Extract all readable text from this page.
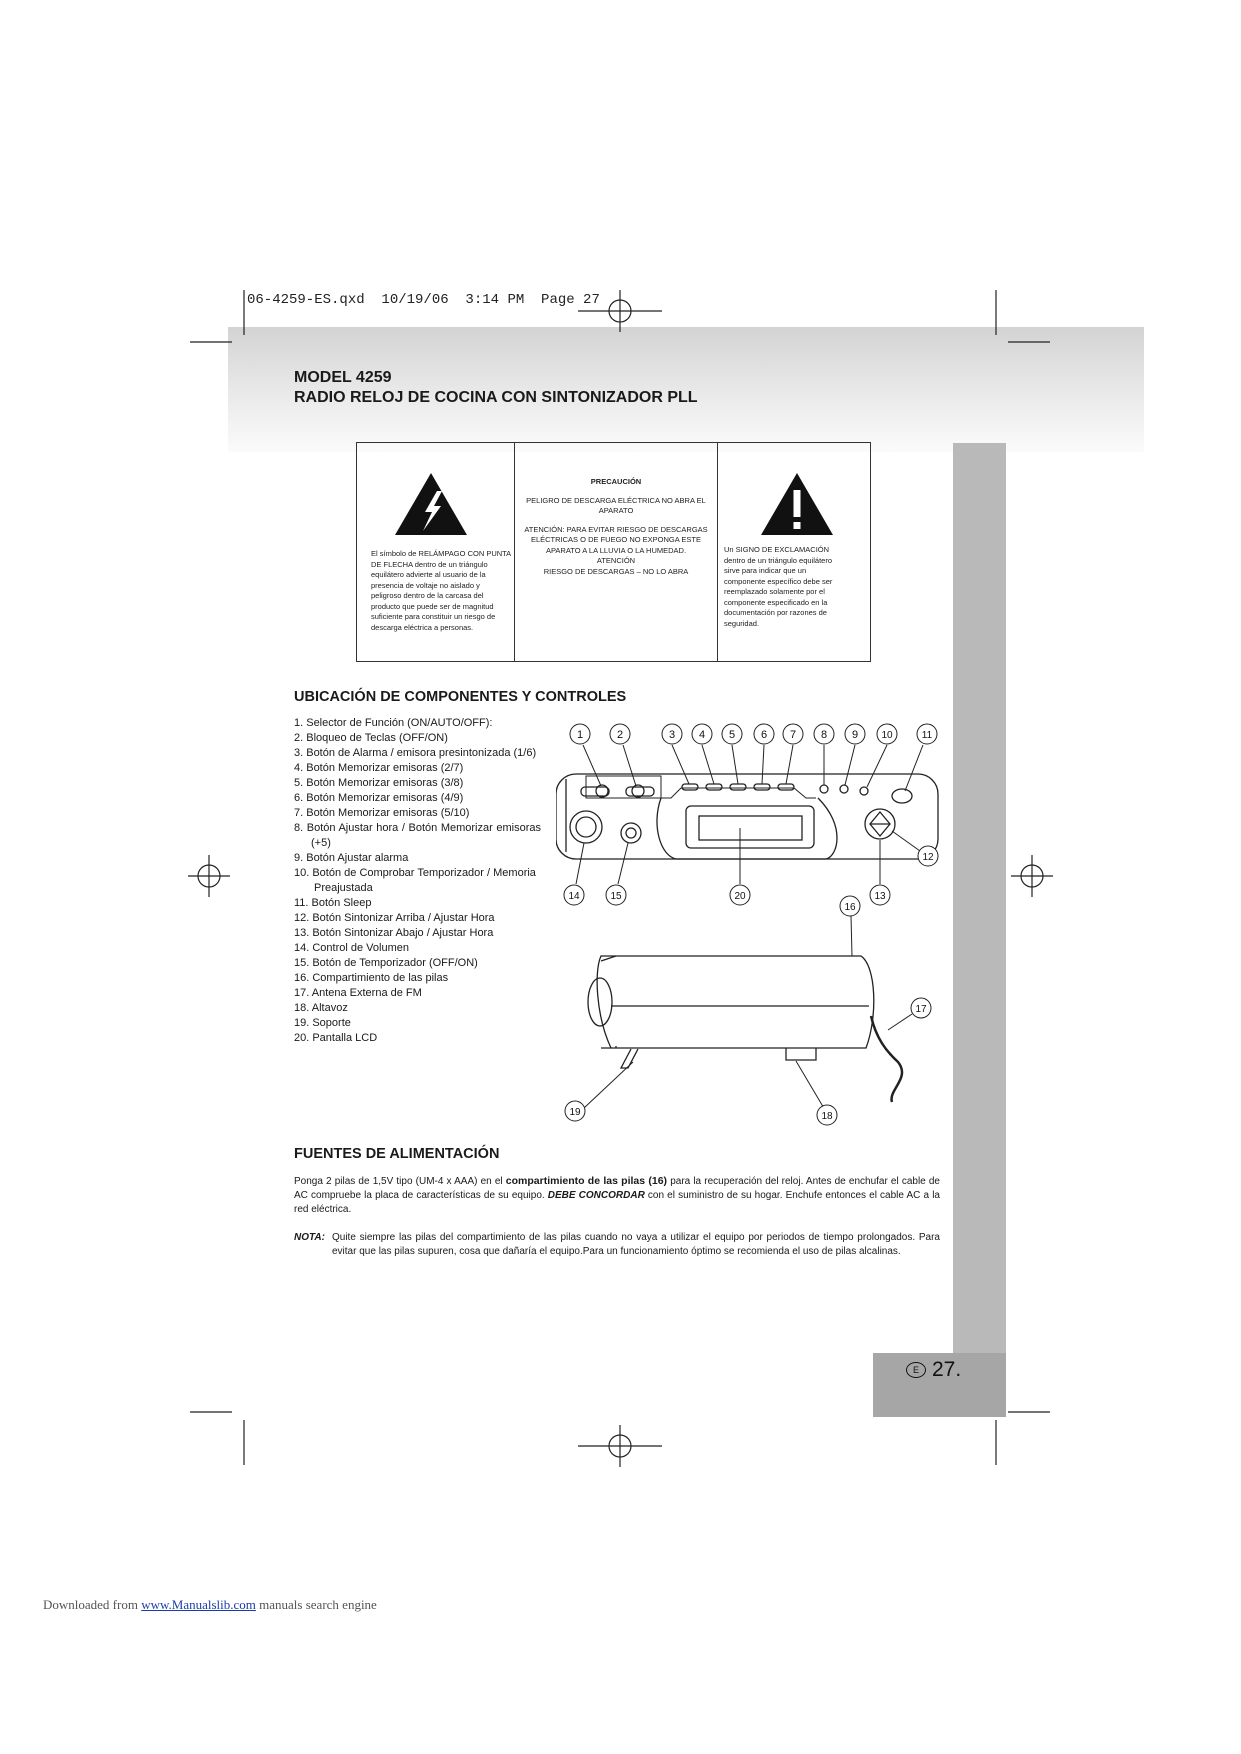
06-4259-ES.qxd  10/19/06  3:14 PM  Page 27
MODEL 4259
RADIO RELOJ DE COCINA CON SINTONIZADOR PLL
El símbolo de RELÁMPAGO CON PUNTA DE FLECHA dentro de un triángulo equilátero advierte al usuario de la presencia de voltaje no aislado y peligroso dentro de la carcasa del producto que puede ser de magnitud suficiente para constituir un riesgo de descarga eléctrica a personas.
PRECAUCIÓN

PELIGRO DE DESCARGA ELÉCTRICA NO ABRA EL APARATO

ATENCIÓN: PARA EVITAR RIESGO DE DESCARGAS ELÉCTRICAS O DE FUEGO NO EXPONGA ESTE APARATO A LA LLUVIA O LA HUMEDAD.

ATENCIÓN

RIESGO DE DESCARGAS – NO LO ABRA

Un SIGNO DE EXCLAMACIÓN dentro de un triángulo equilátero sirve para indicar que un componente específico debe ser reemplazado solamente por el componente especificado en la documentación por razones de seguridad.
UBICACIÓN DE COMPONENTES Y CONTROLES
1. Selector de Función (ON/AUTO/OFF):
2. Bloqueo de Teclas (OFF/ON)
3. Botón de Alarma / emisora presintonizada (1/6)
4. Botón Memorizar emisoras (2/7)
5. Botón Memorizar emisoras (3/8)
6. Botón Memorizar emisoras (4/9)
7. Botón Memorizar emisoras (5/10)
8. Botón Ajustar hora / Botón Memorizar emisoras (+5)
9. Botón Ajustar alarma
10. Botón de Comprobar Temporizador / Memoria Preajustada
11. Botón Sleep
12. Botón Sintonizar Arriba / Ajustar Hora
13. Botón Sintonizar Abajo / Ajustar Hora
14. Control de Volumen
15. Botón de Temporizador (OFF/ON)
16. Compartimiento de las pilas
17. Antena Externa de FM
18. Altavoz
19. Soporte
20. Pantalla LCD
1	2	3 4 5 6 7 8 9 10	11
12
13
14	15	20
16
17
18
19
FUENTES DE ALIMENTACIÓN
Ponga 2 pilas de 1,5V tipo (UM-4 x AAA) en el compartimiento de las pilas (16) para la recuperación del reloj. Antes de enchufar el cable de AC compruebe la placa de características de su equipo. DEBE CONCORDAR con el suministro de su hogar. Enchufe entonces el cable AC a la red eléctrica.
NOTA: Quite siempre las pilas del compartimiento de las pilas cuando no vaya a utilizar el equipo por periodos de tiempo prolongados. Para evitar que las pilas supuren, cosa que dañaría el equipo.Para un funcionamiento óptimo se recomienda el uso de pilas alcalinas.
E 27.
Downloaded from www.Manualslib.com manuals search engine
